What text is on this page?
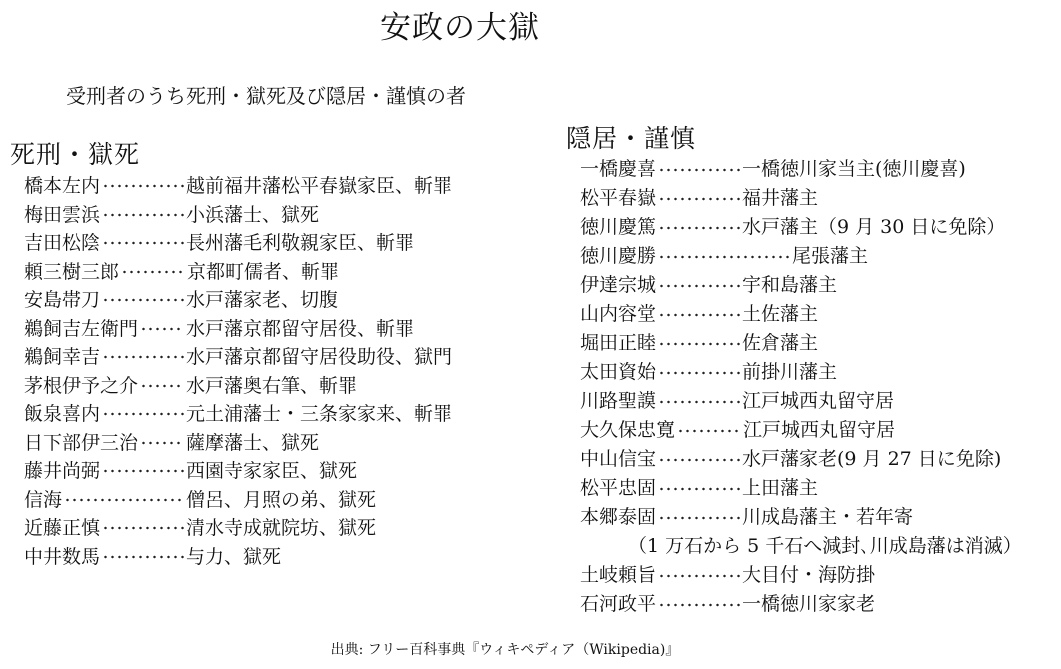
安政の大獄
受刑者のうち死刑・獄死及び隠居・謹慎の者
死刑・獄死
橋本左内	越前福井藩松平春嶽家臣、斬罪
梅田雲浜	小浜藩士、獄死
吉田松陰	長州藩毛利敬親家臣、斬罪
頼三樹三郎	京都町儒者、斬罪
安島帯刀	水戸藩家老、切腹
鵜飼吉左衛門	水戸藩京都留守居役、斬罪
鵜飼幸吉	水戸藩京都留守居役助役、獄門
茅根伊予之介	水戸藩奥右筆、斬罪
飯泉喜内	元土浦藩士・三条家家来、斬罪
日下部伊三治	薩摩藩士、獄死
藤井尚弼	西園寺家家臣、獄死
信海	僧呂、月照の弟、獄死
近藤正慎	清水寺成就院坊、獄死
中井数馬	与力、獄死
隠居・謹慎
一橋慶喜	一橋徳川家当主(徳川慶喜)
松平春嶽	福井藩主
徳川慶篤	水戸藩主（9 月 30 日に免除）
徳川慶勝	尾張藩主
伊達宗城	宇和島藩主
山内容堂	土佐藩主
堀田正睦	佐倉藩主
太田資始	前掛川藩主
川路聖謨	江戸城西丸留守居
大久保忠寛	江戸城西丸留守居
中山信宝	水戸藩家老(9 月 27 日に免除)
松平忠固	上田藩主
本郷泰固	川成島藩主・若年寄
（1 万石から 5 千石へ減封､川成島藩は消滅）
土岐頼旨	大目付・海防掛
石河政平	一橋徳川家家老
出典: フリー百科事典『ウィキペディア（Wikipedia)』
